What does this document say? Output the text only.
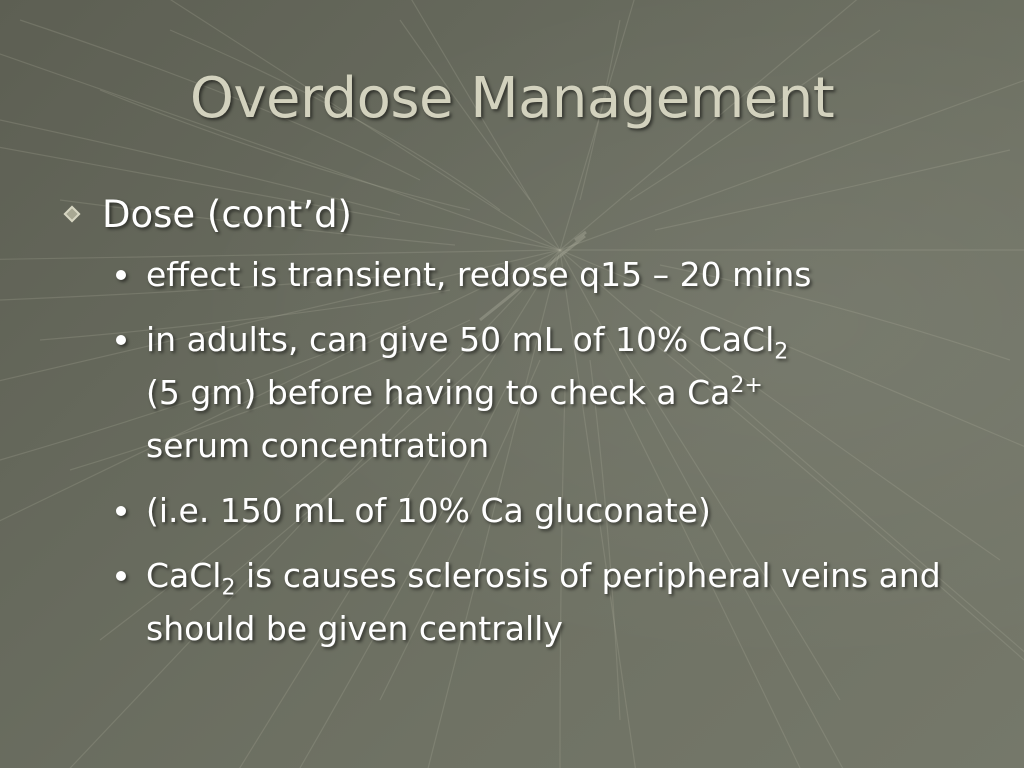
Overdose Management
Dose (cont’d)
effect is transient, redose q15 – 20 mins
in adults, can give 50 mL of 10% CaCl$_2$
(5 gm) before having to check a $Ca^{2+}$
serum concentration
(i.e. 150 mL of 10% Ca gluconate)
CaCl$_2$ is causes sclerosis of peripheral veins and should be given centrally
